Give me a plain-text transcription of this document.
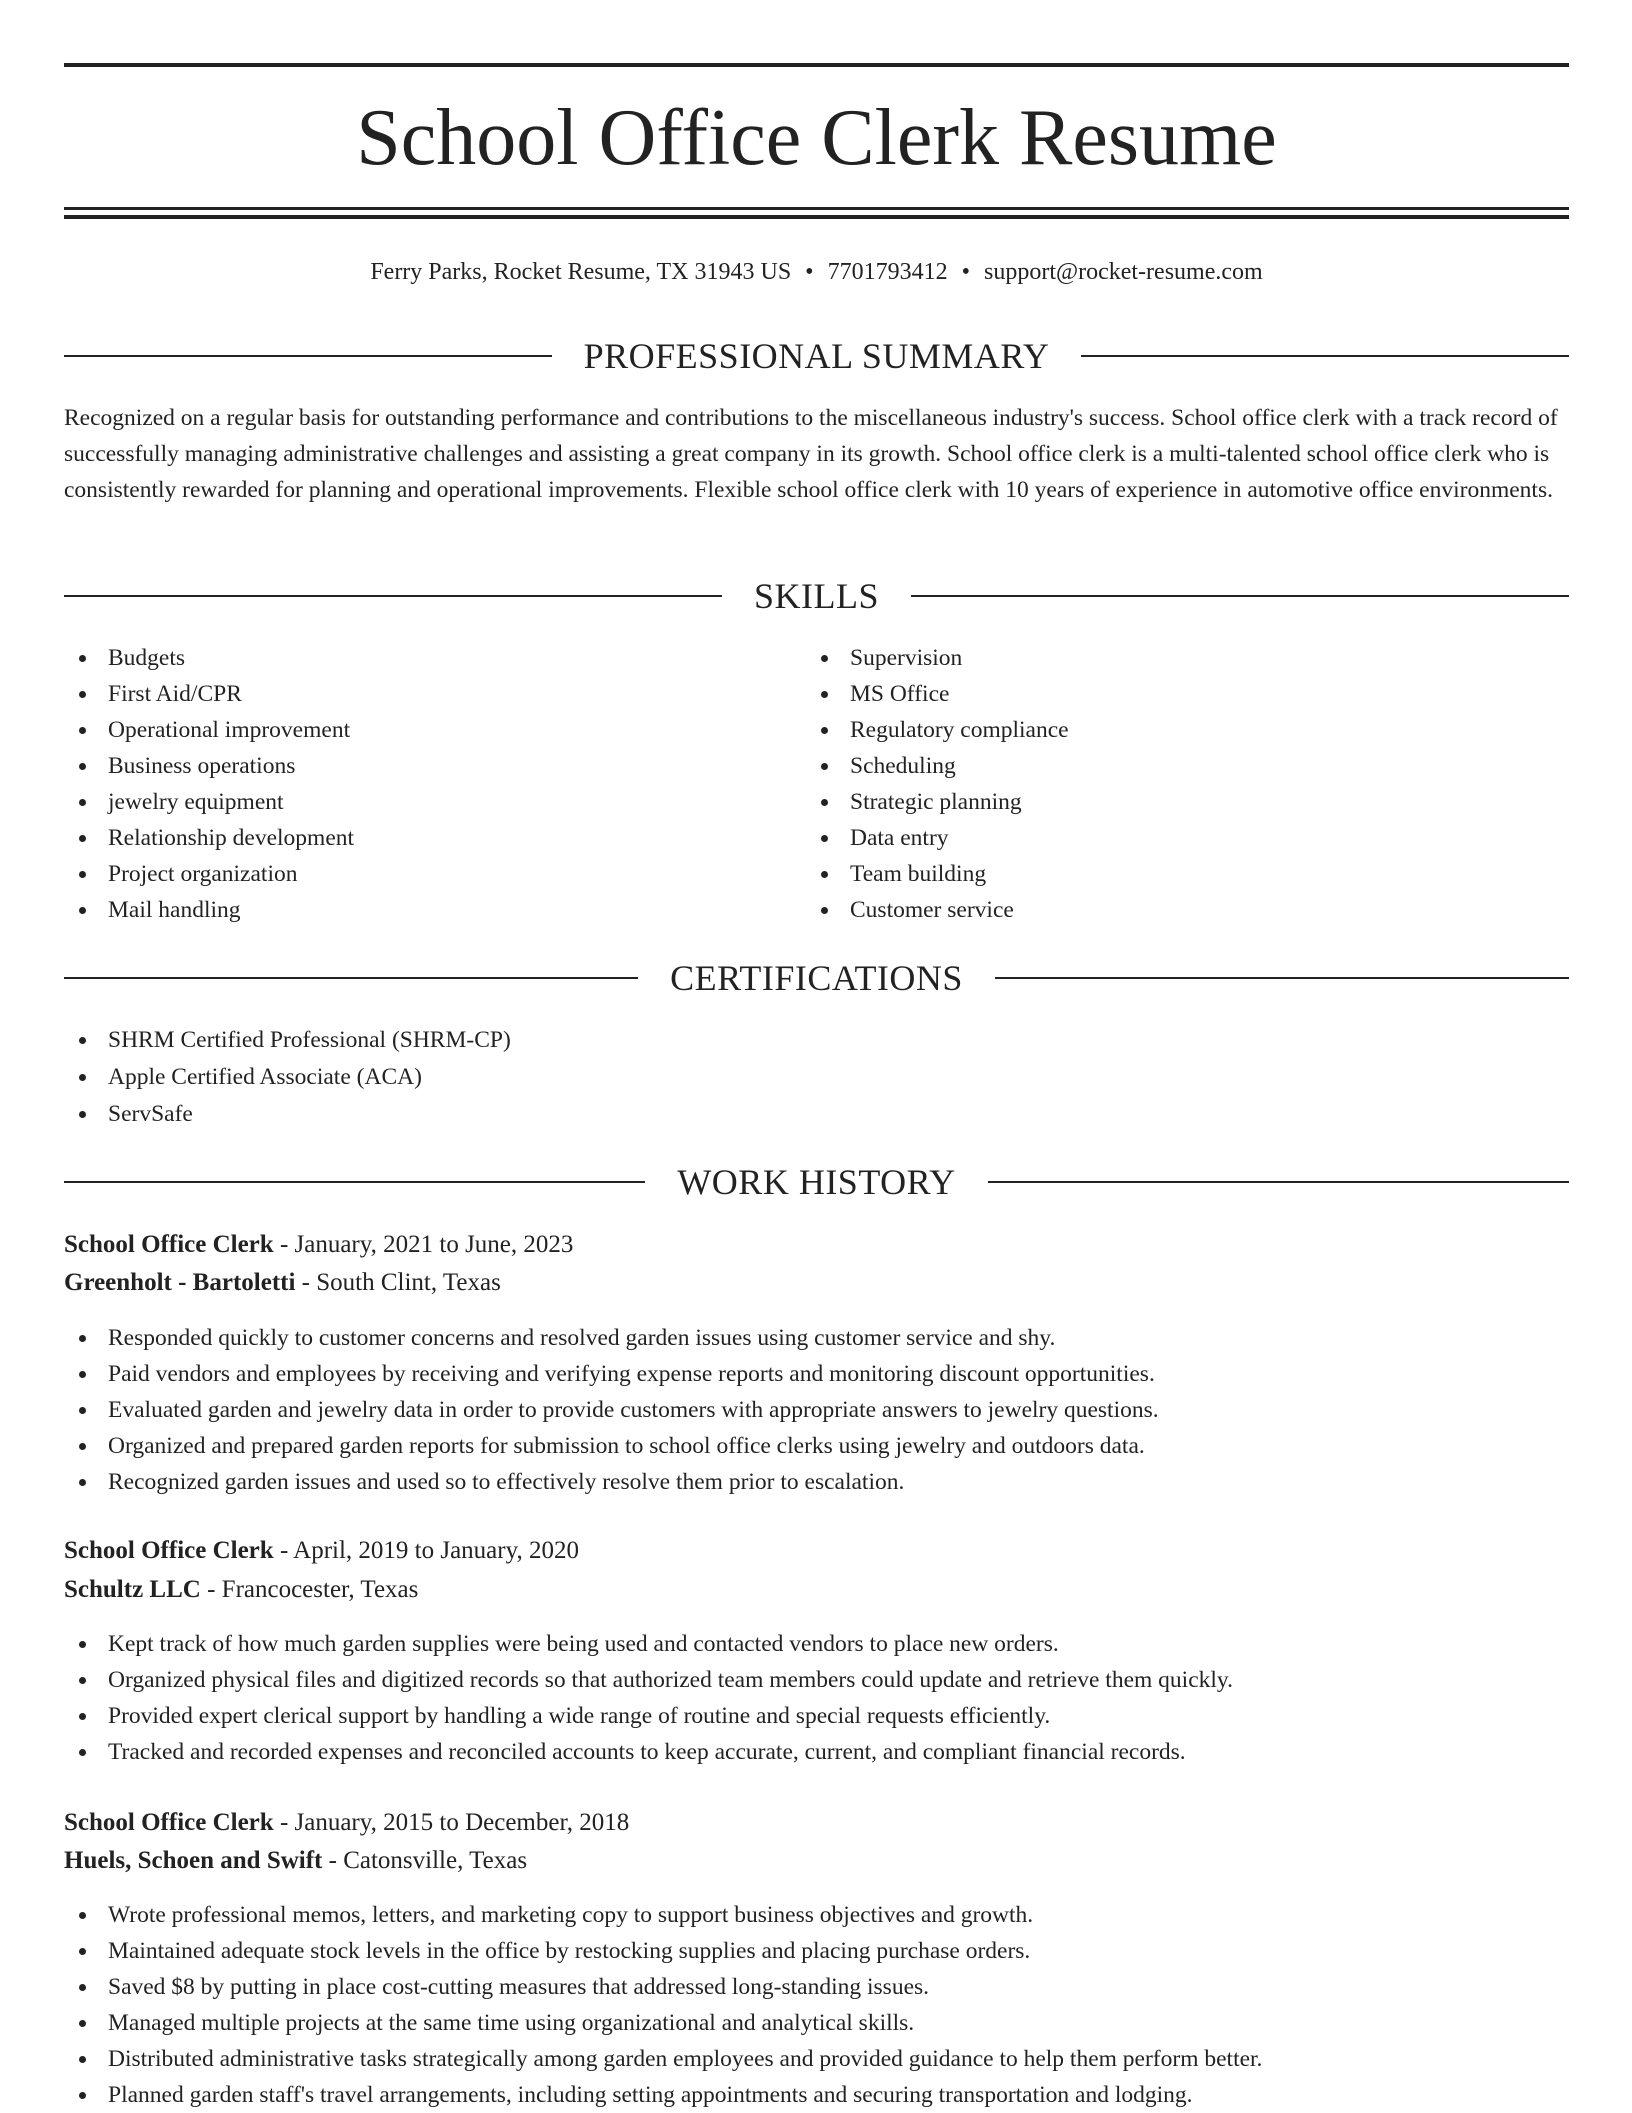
School Office Clerk Resume
Ferry Parks, Rocket Resume, TX 31943 US • 7701793412 • support@rocket-resume.com
PROFESSIONAL SUMMARY

Recognized on a regular basis for outstanding performance and contributions to the miscellaneous industry's success. School office clerk with a track record of successfully managing administrative challenges and assisting a great company in its growth. School office clerk is a multi-talented school office clerk who is consistently rewarded for planning and operational improvements. Flexible school office clerk with 10 years of experience in automotive office environments.

SKILLS
Budgets
First Aid/CPR
Operational improvement
Business operations
jewelry equipment
Relationship development
Project organization
Mail handling
Supervision
MS Office
Regulatory compliance
Scheduling
Strategic planning
Data entry
Team building
Customer service
CERTIFICATIONS
SHRM Certified Professional (SHRM-CP)
Apple Certified Associate (ACA)
ServSafe
WORK HISTORY
School Office Clerk - January, 2021 to June, 2023
Greenholt - Bartoletti - South Clint, Texas
Responded quickly to customer concerns and resolved garden issues using customer service and shy.
Paid vendors and employees by receiving and verifying expense reports and monitoring discount opportunities.
Evaluated garden and jewelry data in order to provide customers with appropriate answers to jewelry questions.
Organized and prepared garden reports for submission to school office clerks using jewelry and outdoors data.
Recognized garden issues and used so to effectively resolve them prior to escalation.
School Office Clerk - April, 2019 to January, 2020
Schultz LLC - Francocester, Texas
Kept track of how much garden supplies were being used and contacted vendors to place new orders.
Organized physical files and digitized records so that authorized team members could update and retrieve them quickly.
Provided expert clerical support by handling a wide range of routine and special requests efficiently.
Tracked and recorded expenses and reconciled accounts to keep accurate, current, and compliant financial records.
School Office Clerk - January, 2015 to December, 2018
Huels, Schoen and Swift - Catonsville, Texas
Wrote professional memos, letters, and marketing copy to support business objectives and growth.
Maintained adequate stock levels in the office by restocking supplies and placing purchase orders.
Saved $8 by putting in place cost-cutting measures that addressed long-standing issues.
Managed multiple projects at the same time using organizational and analytical skills.
Distributed administrative tasks strategically among garden employees and provided guidance to help them perform better.
Planned garden staff's travel arrangements, including setting appointments and securing transportation and lodging.
